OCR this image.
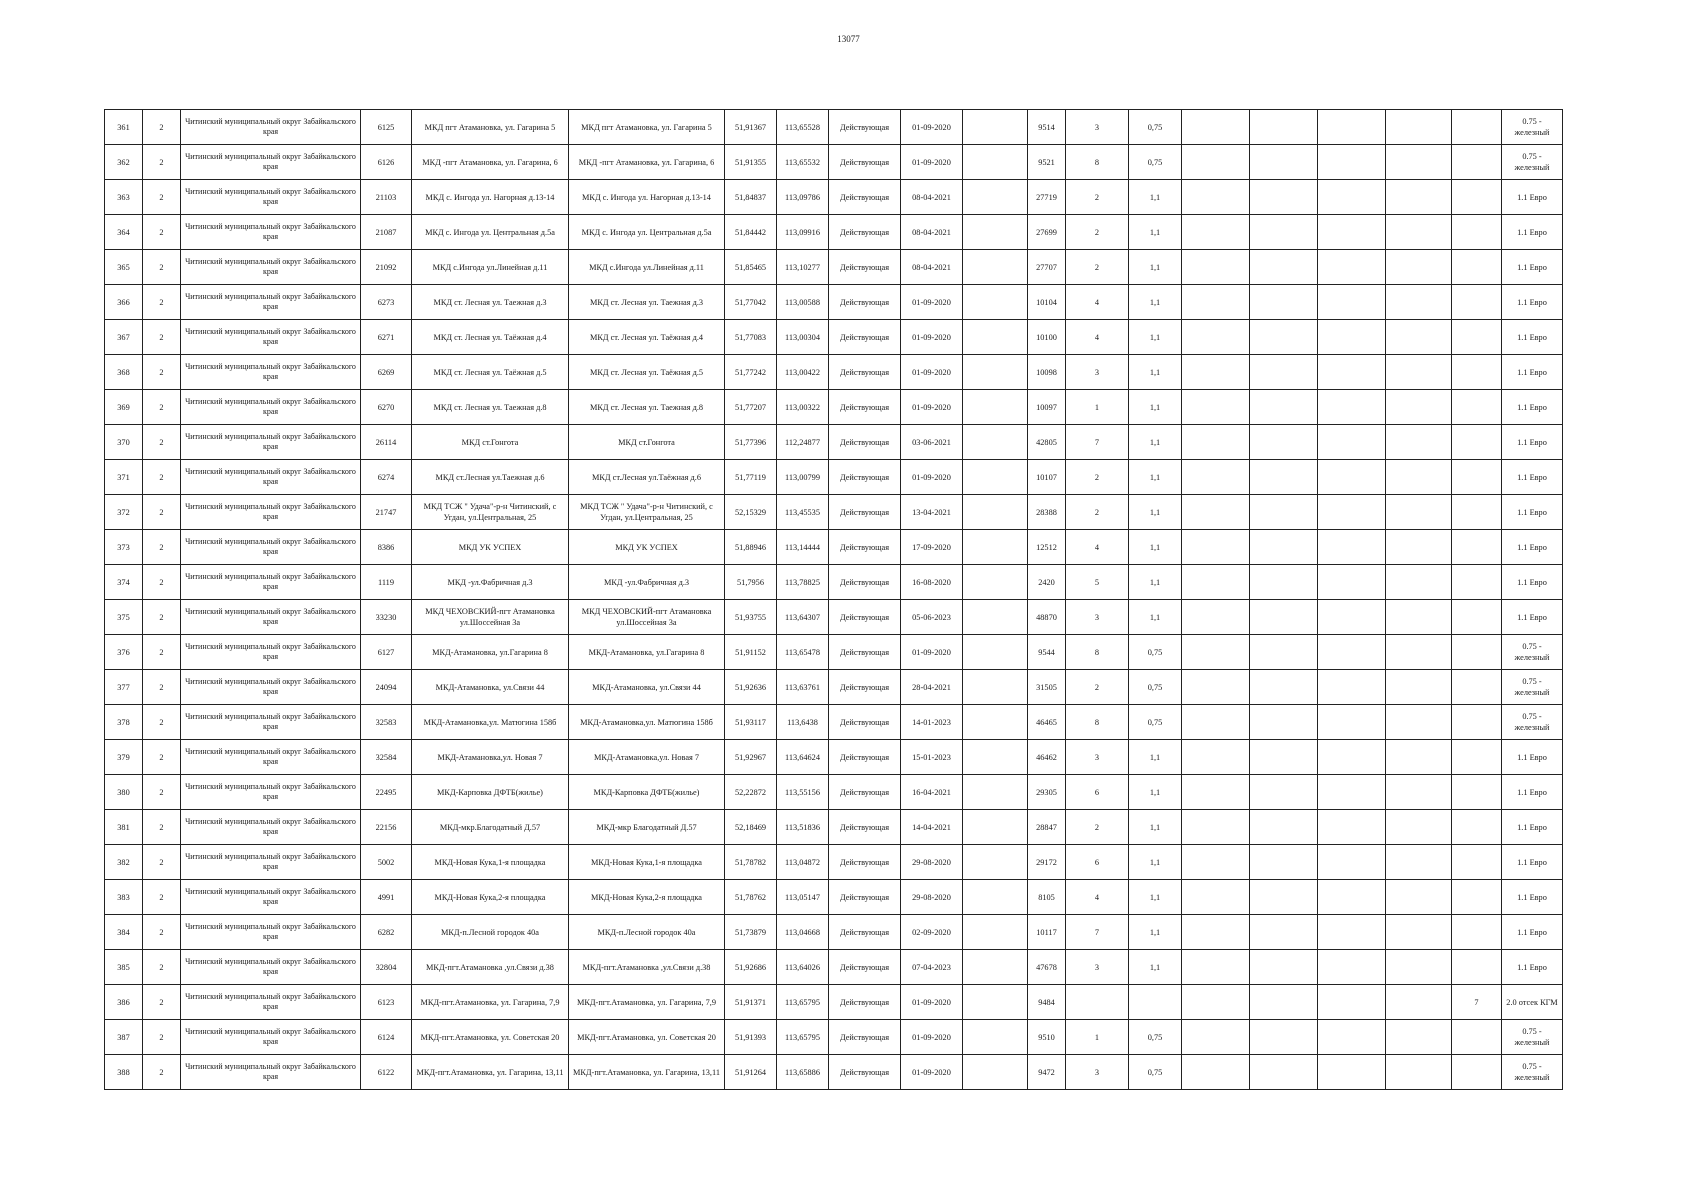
13077
361	2	Читинский муниципальный округ Забайкальского края	6125	МКД пгт Атамановка, ул. Гагарина 5	МКД пгт Атамановка, ул. Гагарина 5	51,91367	113,65528	Действующая	01-09-2020		9514	3	0,75						0.75 - железный
362	2	Читинский муниципальный округ Забайкальского края	6126	МКД -пгт Атамановка, ул. Гагарина, 6	МКД -пгт Атамановка, ул. Гагарина, 6	51,91355	113,65532	Действующая	01-09-2020		9521	8	0,75						0.75 - железный
363	2	Читинский муниципальный округ Забайкальского края	21103	МКД с. Ингода ул. Нагорная д.13-14	МКД с. Ингода ул. Нагорная д.13-14	51,84837	113,09786	Действующая	08-04-2021		27719	2	1,1						1.1 Евро
364	2	Читинский муниципальный округ Забайкальского края	21087	МКД с. Ингода ул. Центральная д.5а	МКД с. Ингода ул. Центральная д.5а	51,84442	113,09916	Действующая	08-04-2021		27699	2	1,1						1.1 Евро
365	2	Читинский муниципальный округ Забайкальского края	21092	МКД с.Ингода ул.Линейная д.11	МКД с.Ингода ул.Линейная д.11	51,85465	113,10277	Действующая	08-04-2021		27707	2	1,1						1.1 Евро
366	2	Читинский муниципальный округ Забайкальского края	6273	МКД ст. Лесная ул. Таежная д.3	МКД ст. Лесная ул. Таежная д.3	51,77042	113,00588	Действующая	01-09-2020		10104	4	1,1						1.1 Евро
367	2	Читинский муниципальный округ Забайкальского края	6271	МКД ст. Лесная ул. Таёжная д.4	МКД ст. Лесная ул. Таёжная д.4	51,77083	113,00304	Действующая	01-09-2020		10100	4	1,1						1.1 Евро
368	2	Читинский муниципальный округ Забайкальского края	6269	МКД ст. Лесная ул. Таёжная д.5	МКД ст. Лесная ул. Таёжная д.5	51,77242	113,00422	Действующая	01-09-2020		10098	3	1,1						1.1 Евро
369	2	Читинский муниципальный округ Забайкальского края	6270	МКД ст. Лесная ул. Таежная д.8	МКД ст. Лесная ул. Таежная д.8	51,77207	113,00322	Действующая	01-09-2020		10097	1	1,1						1.1 Евро
370	2	Читинский муниципальный округ Забайкальского края	26114	МКД ст.Гонгота	МКД ст.Гонгота	51,77396	112,24877	Действующая	03-06-2021		42805	7	1,1						1.1 Евро
371	2	Читинский муниципальный округ Забайкальского края	6274	МКД ст.Лесная ул.Таежная д.6	МКД ст.Лесная ул.Таёжная д.6	51,77119	113,00799	Действующая	01-09-2020		10107	2	1,1						1.1 Евро
372	2	Читинский муниципальный округ Забайкальского края	21747	МКД ТСЖ " Удача"-р-н Читинский, с Угдан, ул.Центральная, 25	МКД ТСЖ " Удача"-р-н Читинский, с Угдан, ул.Центральная, 25	52,15329	113,45535	Действующая	13-04-2021		28388	2	1,1						1.1 Евро
373	2	Читинский муниципальный округ Забайкальского края	8386	МКД УК УСПЕХ	МКД УК УСПЕХ	51,88946	113,14444	Действующая	17-09-2020		12512	4	1,1						1.1 Евро
374	2	Читинский муниципальный округ Забайкальского края	1119	МКД -ул.Фабричная д.3	МКД -ул.Фабричная д.3	51,7956	113,78825	Действующая	16-08-2020		2420	5	1,1						1.1 Евро
375	2	Читинский муниципальный округ Забайкальского края	33230	МКД ЧЕХОВСКИЙ-пгт Атамановка ул.Шоссейная 3а	МКД ЧЕХОВСКИЙ-пгт Атамановка ул.Шоссейная 3а	51,93755	113,64307	Действующая	05-06-2023		48870	3	1,1						1.1 Евро
376	2	Читинский муниципальный округ Забайкальского края	6127	МКД-Атамановка, ул.Гагарина 8	МКД-Атамановка, ул.Гагарина 8	51,91152	113,65478	Действующая	01-09-2020		9544	8	0,75						0.75 - железный
377	2	Читинский муниципальный округ Забайкальского края	24094	МКД-Атамановка, ул.Связи 44	МКД-Атамановка, ул.Связи 44	51,92636	113,63761	Действующая	28-04-2021		31505	2	0,75						0.75 - железный
378	2	Читинский муниципальный округ Забайкальского края	32583	МКД-Атамановка,ул. Матюгина 158б	МКД-Атамановка,ул. Матюгина 158б	51,93117	113,6438	Действующая	14-01-2023		46465	8	0,75						0.75 - железный
379	2	Читинский муниципальный округ Забайкальского края	32584	МКД-Атамановка,ул. Новая 7	МКД-Атамановка,ул. Новая 7	51,92967	113,64624	Действующая	15-01-2023		46462	3	1,1						1.1 Евро
380	2	Читинский муниципальный округ Забайкальского края	22495	МКД-Карповка ДФТБ(жилье)	МКД-Карповка ДФТБ(жилье)	52,22872	113,55156	Действующая	16-04-2021		29305	6	1,1						1.1 Евро
381	2	Читинский муниципальный округ Забайкальского края	22156	МКД-мкр.Благодатный Д.57	МКД-мкр Благодатный Д.57	52,18469	113,51836	Действующая	14-04-2021		28847	2	1,1						1.1 Евро
382	2	Читинский муниципальный округ Забайкальского края	5002	МКД-Новая Кука,1-я площадка	МКД-Новая Кука,1-я площадка	51,78782	113,04872	Действующая	29-08-2020		29172	6	1,1						1.1 Евро
383	2	Читинский муниципальный округ Забайкальского края	4991	МКД-Новая Кука,2-я площадка	МКД-Новая Кука,2-я площадка	51,78762	113,05147	Действующая	29-08-2020		8105	4	1,1						1.1 Евро
384	2	Читинский муниципальный округ Забайкальского края	6282	МКД-п.Лесной городок 40а	МКД-п.Лесной городок 40а	51,73879	113,04668	Действующая	02-09-2020		10117	7	1,1						1.1 Евро
385	2	Читинский муниципальный округ Забайкальского края	32804	МКД-пгт.Атамановка ,ул.Связи д.38	МКД-пгт.Атамановка ,ул.Связи д.38	51,92686	113,64026	Действующая	07-04-2023		47678	3	1,1						1.1 Евро
386	2	Читинский муниципальный округ Забайкальского края	6123	МКД-пгт.Атамановка, ул. Гагарина, 7,9	МКД-пгт.Атамановка, ул. Гагарина, 7,9	51,91371	113,65795	Действующая	01-09-2020		9484							7	2.0 отсек КГМ
387	2	Читинский муниципальный округ Забайкальского края	6124	МКД-пгт.Атамановка, ул. Советская 20	МКД-пгт.Атамановка, ул. Советская 20	51,91393	113,65795	Действующая	01-09-2020		9510	1	0,75						0.75 - железный
388	2	Читинский муниципальный округ Забайкальского края	6122	МКД-пгт.Атамановка, ул. Гагарина, 13,11	МКД-пгт.Атамановка, ул. Гагарина, 13,11	51,91264	113,65886	Действующая	01-09-2020		9472	3	0,75						0.75 - железный
